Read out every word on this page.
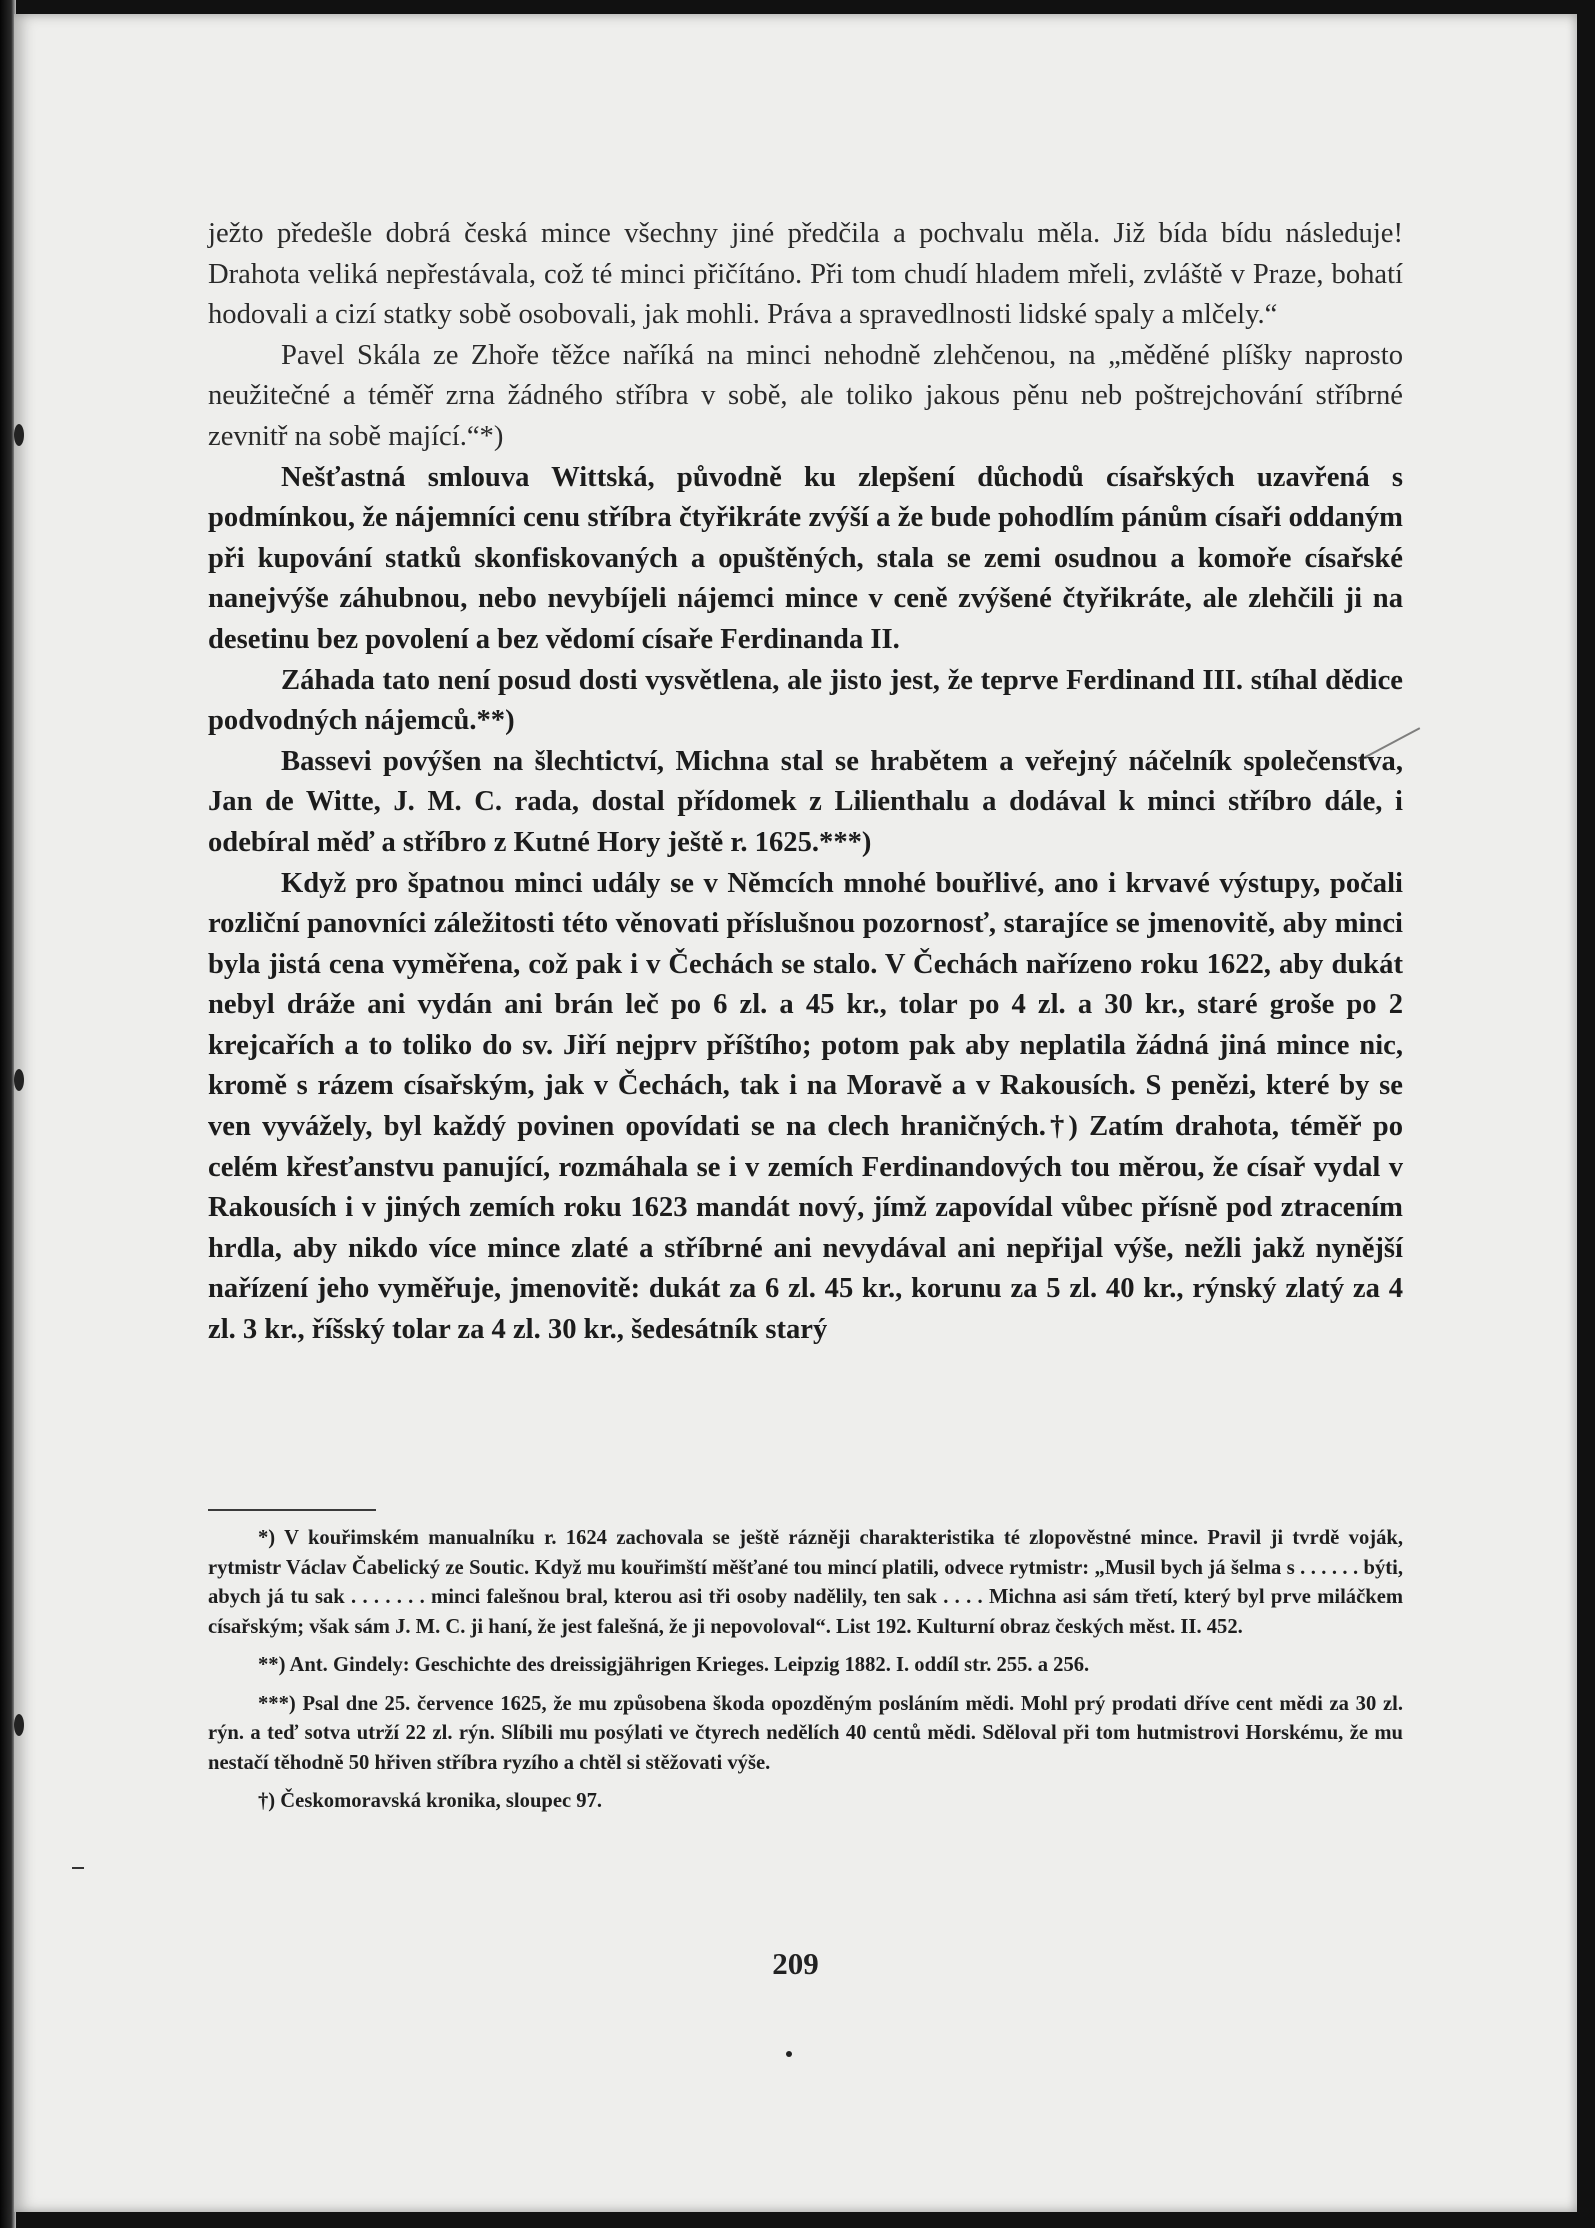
ježto předešle dobrá česká mince všechny jiné předčila a pochvalu měla. Již bída bídu následuje! Drahota veliká nepřestávala, což té minci přičítáno. Při tom chudí hladem mřeli, zvláště v Praze, bohatí hodovali a cizí statky sobě osobovali, jak mohli. Práva a spravedlnosti lidské spaly a mlčely.“

Pavel Skála ze Zhoře těžce naříká na minci nehodně zlehčenou, na „měděné plíšky naprosto neužitečné a téměř zrna žádného stříbra v sobě, ale toliko jakous pěnu neb poštrejchování stříbrné zevnitř na sobě mající.“*)

Nešťastná smlouva Wittská, původně ku zlepšení důchodů císařských uzavřená s podmínkou, že nájemníci cenu stříbra čtyřikráte zvýší a že bude pohodlím pánům císaři oddaným při kupování statků skonfiskovaných a opuštěných, stala se zemi osudnou a komoře císařské nanejvýše záhubnou, nebo nevybíjeli nájemci mince v ceně zvýšené čtyřikráte, ale zlehčili ji na desetinu bez povolení a bez vědomí císaře Ferdinanda II.

Záhada tato není posud dosti vysvětlena, ale jisto jest, že teprve Ferdinand III. stíhal dědice podvodných nájemců.**)

Bassevi povýšen na šlechtictví, Michna stal se hrabětem a veřejný náčelník společenstva, Jan de Witte, J. M. C. rada, dostal přídomek z Lilienthalu a dodával k minci stříbro dále, i odebíral měď a stříbro z Kutné Hory ještě r. 1625.***)

Když pro špatnou minci udály se v Němcích mnohé bouřlivé, ano i krvavé výstupy, počali rozliční panovníci záležitosti této věnovati příslušnou pozornosť, starajíce se jmenovitě, aby minci byla jistá cena vyměřena, což pak i v Čechách se stalo. V Čechách nařízeno roku 1622, aby dukát nebyl dráže ani vydán ani brán leč po 6 zl. a 45 kr., tolar po 4 zl. a 30 kr., staré groše po 2 krejcařích a to toliko do sv. Jiří nejprv příštího; potom pak aby neplatila žádná jiná mince nic, kromě s rázem císařským, jak v Čechách, tak i na Moravě a v Rakousích. S penězi, které by se ven vyvážely, byl každý povinen opovídati se na clech hraničných.†) Zatím drahota, téměř po celém křesťanstvu panující, rozmáhala se i v zemích Ferdinandových tou měrou, že císař vydal v Rakousích i v jiných zemích roku 1623 mandát nový, jímž zapovídal vůbec přísně pod ztracením hrdla, aby nikdo více mince zlaté a stříbrné ani nevydával ani nepřijal výše, nežli jakž nynější nařízení jeho vyměřuje, jmenovitě: dukát za 6 zl. 45 kr., korunu za 5 zl. 40 kr., rýnský zlatý za 4 zl. 3 kr., říšský tolar za 4 zl. 30 kr., šedesátník starý

*) V kouřimském manualníku r. 1624 zachovala se ještě rázněji charakteristika té zlopověstné mince. Pravil ji tvrdě voják, rytmistr Václav Čabelický ze Soutic. Když mu kouřimští měšťané tou mincí platili, odvece rytmistr: „Musil bych já šelma s . . . . . . býti, abych já tu sak . . . . . . . minci falešnou bral, kterou asi tři osoby nadělily, ten sak . . . . Michna asi sám třetí, který byl prve miláčkem císařským; však sám J. M. C. ji haní, že jest falešná, že ji nepovoloval“. List 192. Kulturní obraz českých měst. II. 452.

**) Ant. Gindely: Geschichte des dreissigjährigen Krieges. Leipzig 1882. I. oddíl str. 255. a 256.

***) Psal dne 25. července 1625, že mu způsobena škoda opozděným posláním mědi. Mohl prý prodati dříve cent mědi za 30 zl. rýn. a teď sotva utrží 22 zl. rýn. Slíbili mu posýlati ve čtyrech nedělích 40 centů mědi. Sděloval při tom hutmistrovi Horskému, že mu nestačí těhodně 50 hřiven stříbra ryzího a chtěl si stěžovati výše.

†) Českomoravská kronika, sloupec 97.

209
